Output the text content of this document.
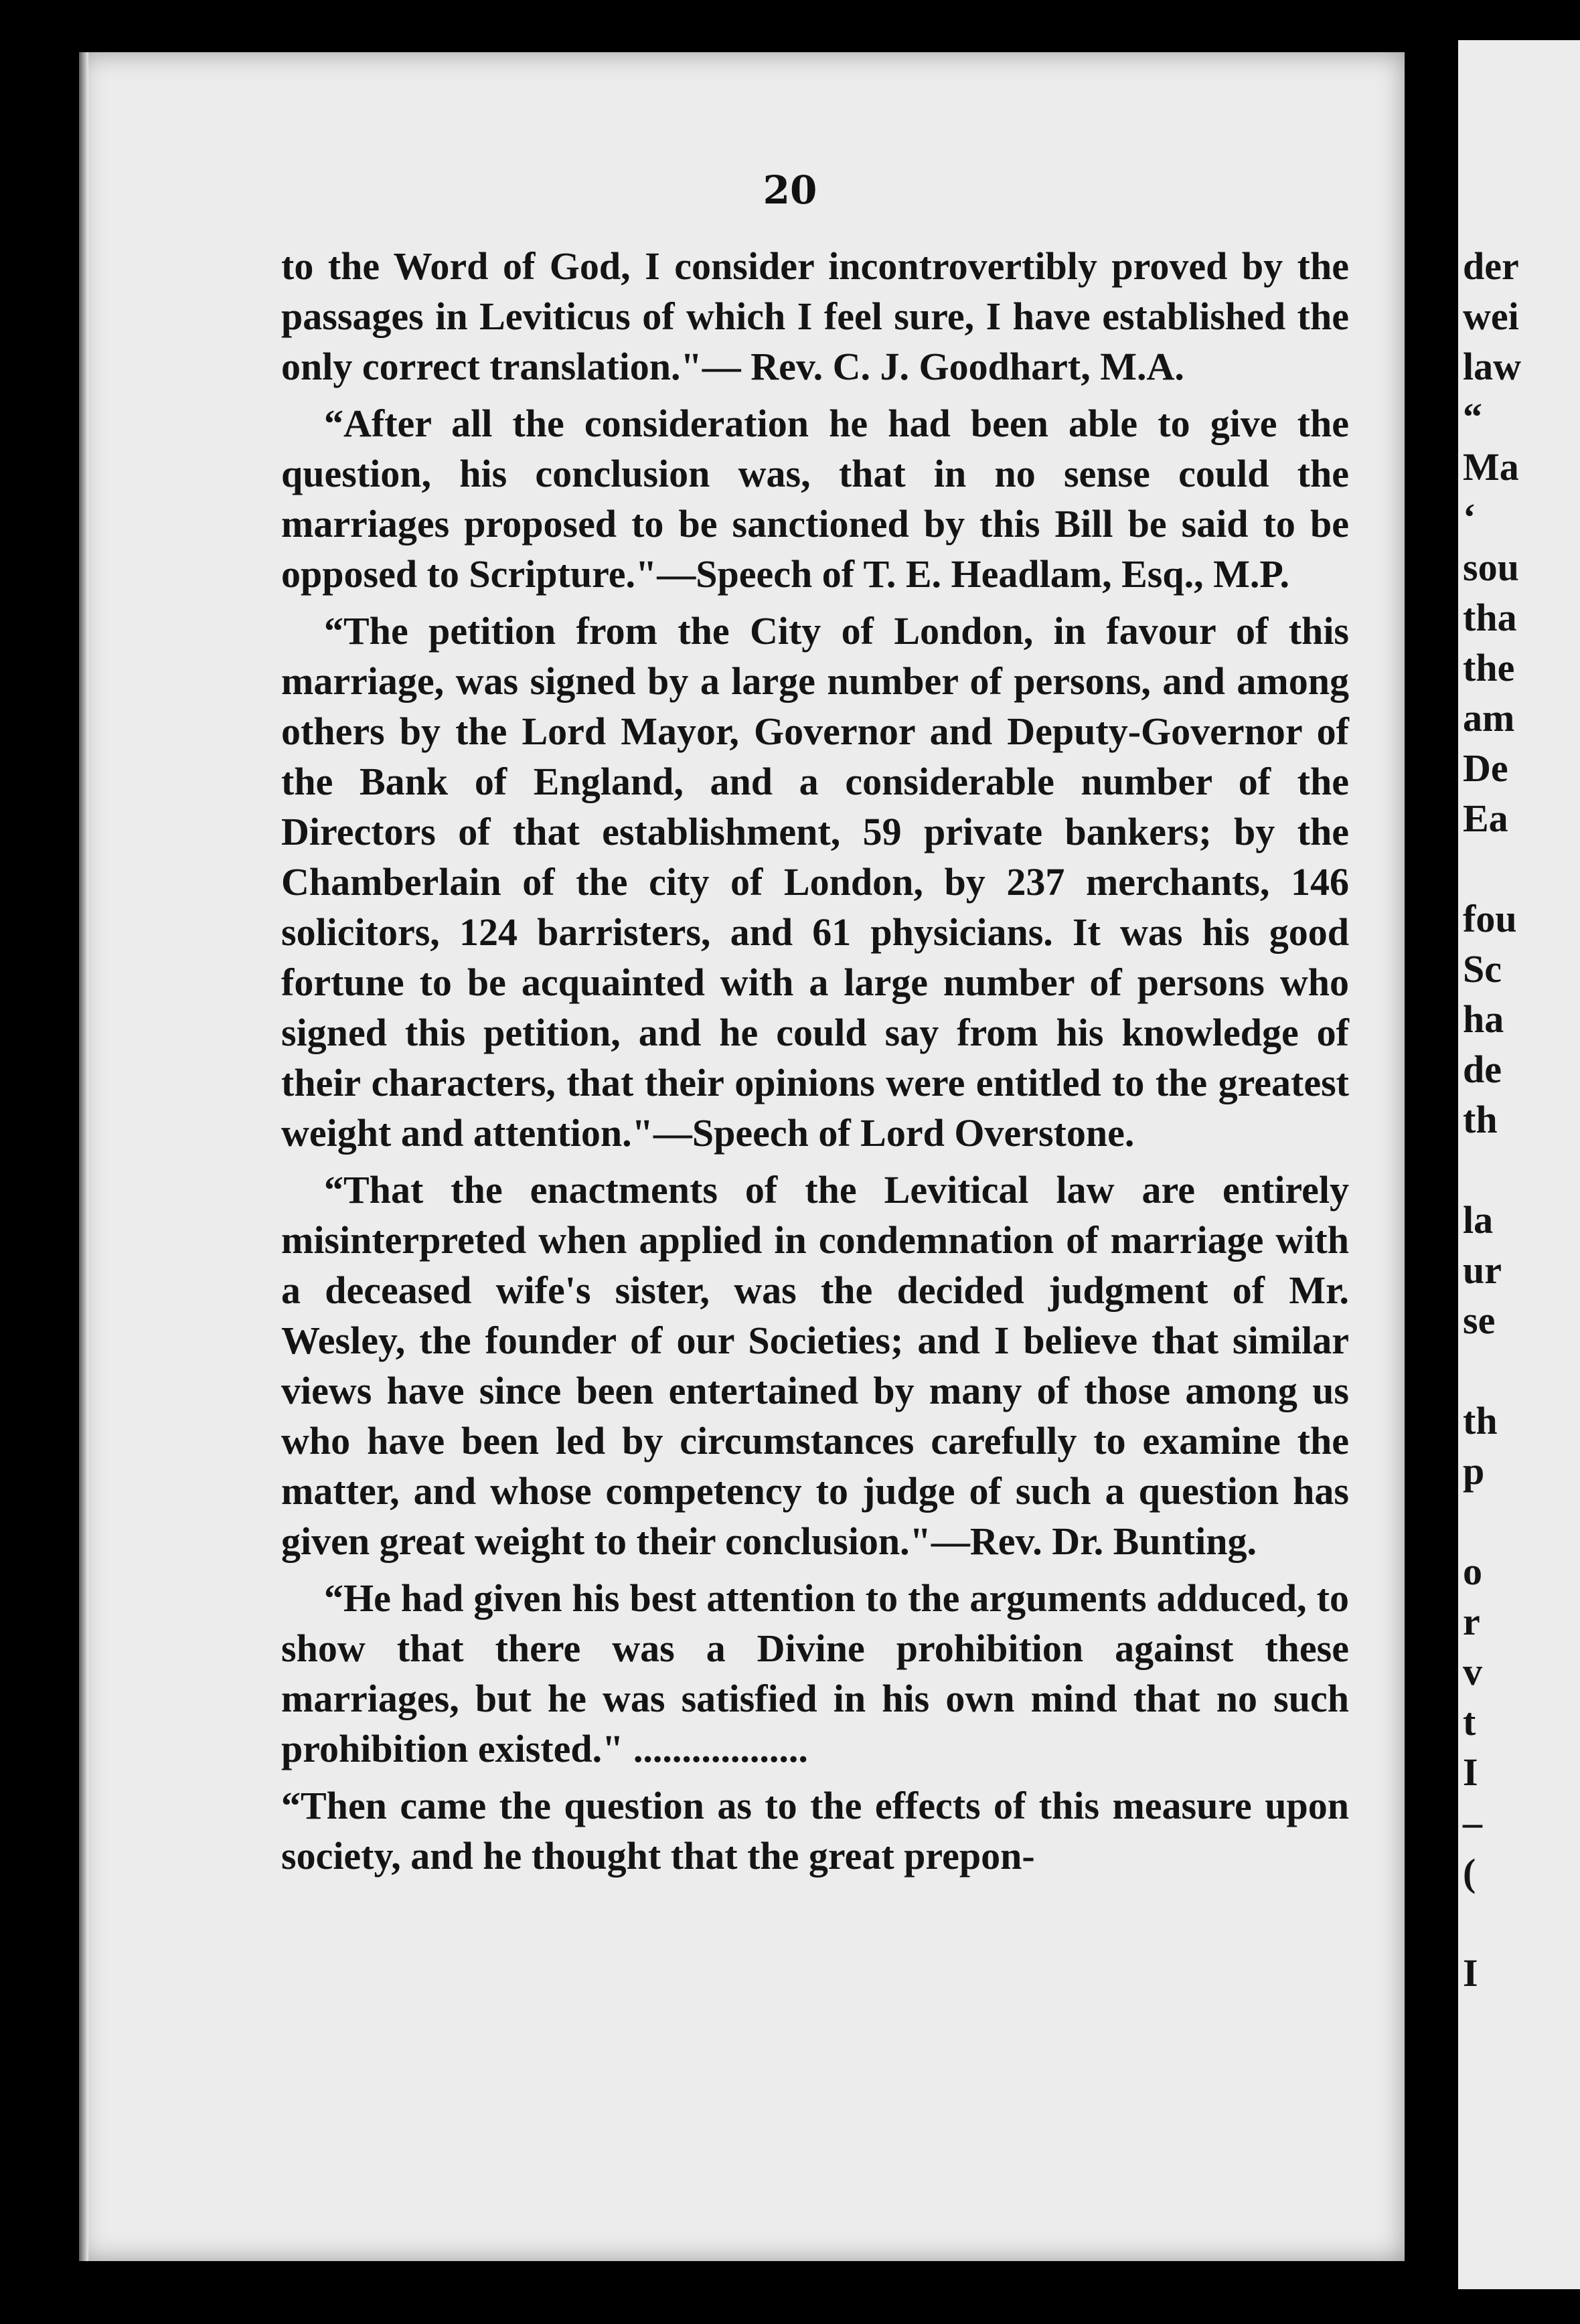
20

to the Word of God, I consider incontrovertibly proved by the passages in Leviticus of which I feel sure, I have established the only correct translation."— Rev. C. J. Goodhart, M.A.

“After all the consideration he had been able to give the question, his conclusion was, that in no sense could the marriages proposed to be sanctioned by this Bill be said to be opposed to Scripture."—Speech of T. E. Headlam, Esq., M.P.

“The petition from the City of London, in favour of this marriage, was signed by a large number of persons, and among others by the Lord Mayor, Governor and Deputy-Governor of the Bank of England, and a considerable number of the Directors of that establishment, 59 private bankers; by the Chamberlain of the city of London, by 237 merchants, 146 solicitors, 124 barristers, and 61 physicians. It was his good fortune to be acquainted with a large number of persons who signed this petition, and he could say from his knowledge of their characters, that their opinions were entitled to the greatest weight and attention."—Speech of Lord Overstone.

“That the enactments of the Levitical law are entirely misinterpreted when applied in condemnation of marriage with a deceased wife's sister, was the decided judgment of Mr. Wesley, the founder of our Societies; and I believe that similar views have since been entertained by many of those among us who have been led by circumstances carefully to examine the matter, and whose competency to judge of such a question has given great weight to their conclusion."—Rev. Dr. Bunting.

“He had given his best attention to the arguments adduced, to show that there was a Divine prohibition against these marriages, but he was satisfied in his own mind that no such prohibition existed." ..................

“Then came the question as to the effects of this measure upon society, and he thought that the great prepon-

der
wei
law
“
Ma
‘
sou
tha
the
am
De
Ea
fou
Sc
ha
de
th
la
ur
se
th
p
o
r
v
t
I
–
(
I
